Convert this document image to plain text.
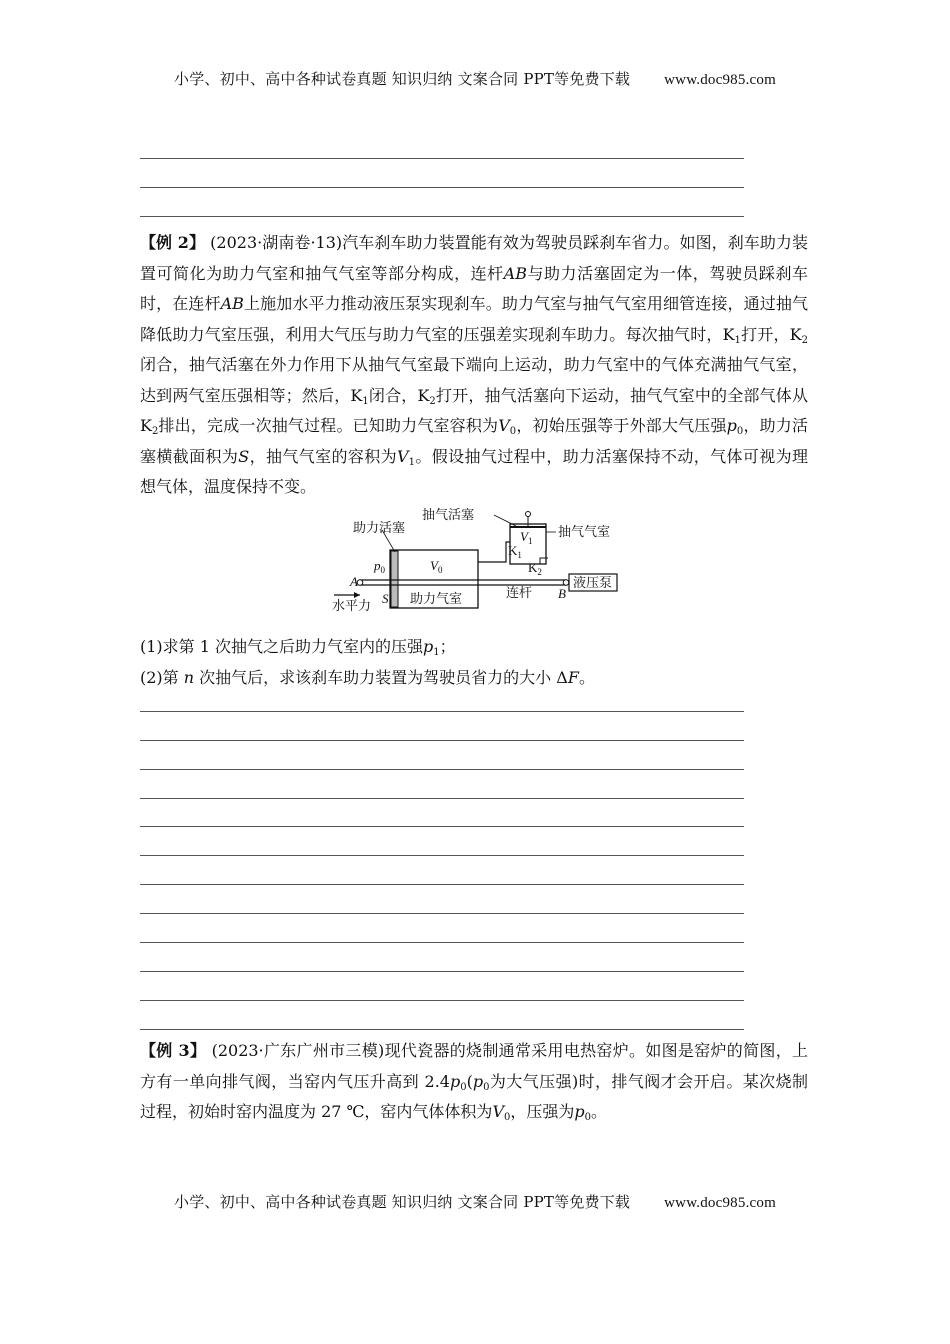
小学、初中、高中各种试卷真题 知识归纳 文案合同 PPT等免费下载 www.doc985.com

【例 2】 (2023·湖南卷·13)汽车刹车助力装置能有效为驾驶员踩刹车省力。如图，刹车助力装置可简化为助力气室和抽气气室等部分构成，连杆AB与助力活塞固定为一体，驾驶员踩刹车时，在连杆AB上施加水平力推动液压泵实现刹车。助力气室与抽气气室用细管连接，通过抽气降低助力气室压强，利用大气压与助力气室的压强差实现刹车助力。每次抽气时，$K_1$打开，$K_2$闭合，抽气活塞在外力作用下从抽气气室最下端向上运动，助力气室中的气体充满抽气气室，达到两气室压强相等；然后，$K_1$闭合，$K_2$打开，抽气活塞向下运动，抽气气室中的全部气体从$K_2$排出，完成一次抽气过程。已知助力气室容积为$V_0$，初始压强等于外部大气压强$p_0$，助力活塞横截面积为S，抽气气室的容积为$V_1$。假设抽气过程中，助力活塞保持不动，气体可视为理想气体，温度保持不变。

抽气活塞
助力活塞	抽气气室
$V_1$
$K_1$
$K_2$
$p_0$	$V_0$
A
S	B
连杆
液压泵
水平力	助力气室

(1)求第 1 次抽气之后助力气室内的压强$p_1$；

(2)第 n 次抽气后，求该刹车助力装置为驾驶员省力的大小 ΔF。

【例 3】 (2023·广东广州市三模)现代瓷器的烧制通常采用电热窑炉。如图是窑炉的简图，上方有一单向排气阀，当窑内气压升高到 $2.4p_0(p_0$为大气压强)时，排气阀才会开启。某次烧制过程，初始时窑内温度为 27 ℃，窑内气体体积为$V_0$，压强为$p_0$。

小学、初中、高中各种试卷真题 知识归纳 文案合同 PPT等免费下载 www.doc985.com
